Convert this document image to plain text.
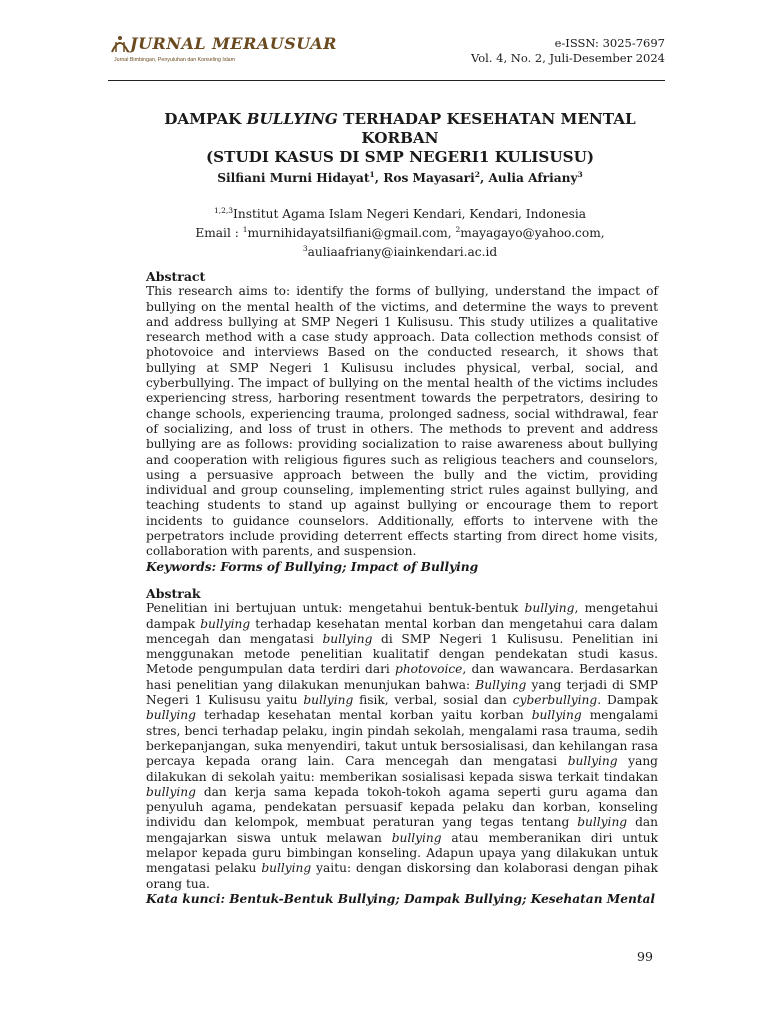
JURNAL MERAUSUAR
Jurnal Bimbingan, Penyuluhan dan Konseling Islam
e-ISSN: 3025-7697
Vol. 4, No. 2, Juli-Desember 2024
DAMPAK BULLYING TERHADAP KESEHATAN MENTAL KORBAN
(STUDI KASUS DI SMP NEGERI1 KULISUSU)
Silfiani Murni Hidayat$^1$, Ros Mayasari$^2$, Aulia Afriany$^3$
$^{1,2,3}$Institut Agama Islam Negeri Kendari, Kendari, Indonesia
Email : $^1$murnihidayatsilfiani@gmail.com, $^2$mayagayo@yahoo.com,
$^3$auliaafriany@iainkendari.ac.id

Abstract

This research aims to: identify the forms of bullying, understand the impact of bullying on the mental health of the victims, and determine the ways to prevent and address bullying at SMP Negeri 1 Kulisusu. This study utilizes a qualitative research method with a case study approach. Data collection methods consist of photovoice and interviews Based on the conducted research, it shows that bullying at SMP Negeri 1 Kulisusu includes physical, verbal, social, and cyberbullying. The impact of bullying on the mental health of the victims includes experiencing stress, harboring resentment towards the perpetrators, desiring to change schools, experiencing trauma, prolonged sadness, social withdrawal, fear of socializing, and loss of trust in others. The methods to prevent and address bullying are as follows: providing socialization to raise awareness about bullying and cooperation with religious figures such as religious teachers and counselors, using a persuasive approach between the bully and the victim, providing individual and group counseling, implementing strict rules against bullying, and teaching students to stand up against bullying or encourage them to report incidents to guidance counselors. Additionally, efforts to intervene with the perpetrators include providing deterrent effects starting from direct home visits, collaboration with parents, and suspension.

Keywords: Forms of Bullying; Impact of Bullying

Abstrak

Penelitian ini bertujuan untuk: mengetahui bentuk-bentuk bullying, mengetahui dampak bullying terhadap kesehatan mental korban dan mengetahui cara dalam mencegah dan mengatasi bullying di SMP Negeri 1 Kulisusu. Penelitian ini menggunakan metode penelitian kualitatif dengan pendekatan studi kasus. Metode pengumpulan data terdiri dari photovoice, dan wawancara. Berdasarkan hasi penelitian yang dilakukan menunjukan bahwa: Bullying yang terjadi di SMP Negeri 1 Kulisusu yaitu bullying fisik, verbal, sosial dan cyberbullying. Dampak bullying terhadap kesehatan mental korban yaitu korban bullying mengalami stres, benci terhadap pelaku, ingin pindah sekolah, mengalami rasa trauma, sedih berkepanjangan, suka menyendiri, takut untuk bersosialisasi, dan kehilangan rasa percaya kepada orang lain. Cara mencegah dan mengatasi bullying yang dilakukan di sekolah yaitu: memberikan sosialisasi kepada siswa terkait tindakan bullying dan kerja sama kepada tokoh-tokoh agama seperti guru agama dan penyuluh agama, pendekatan persuasif kepada pelaku dan korban, konseling individu dan kelompok, membuat peraturan yang tegas tentang bullying dan mengajarkan siswa untuk melawan bullying atau memberanikan diri untuk melapor kepada guru bimbingan konseling. Adapun upaya yang dilakukan untuk mengatasi pelaku bullying yaitu: dengan diskorsing dan kolaborasi dengan pihak orang tua.

Kata kunci: Bentuk-Bentuk Bullying; Dampak Bullying; Kesehatan Mental

99
